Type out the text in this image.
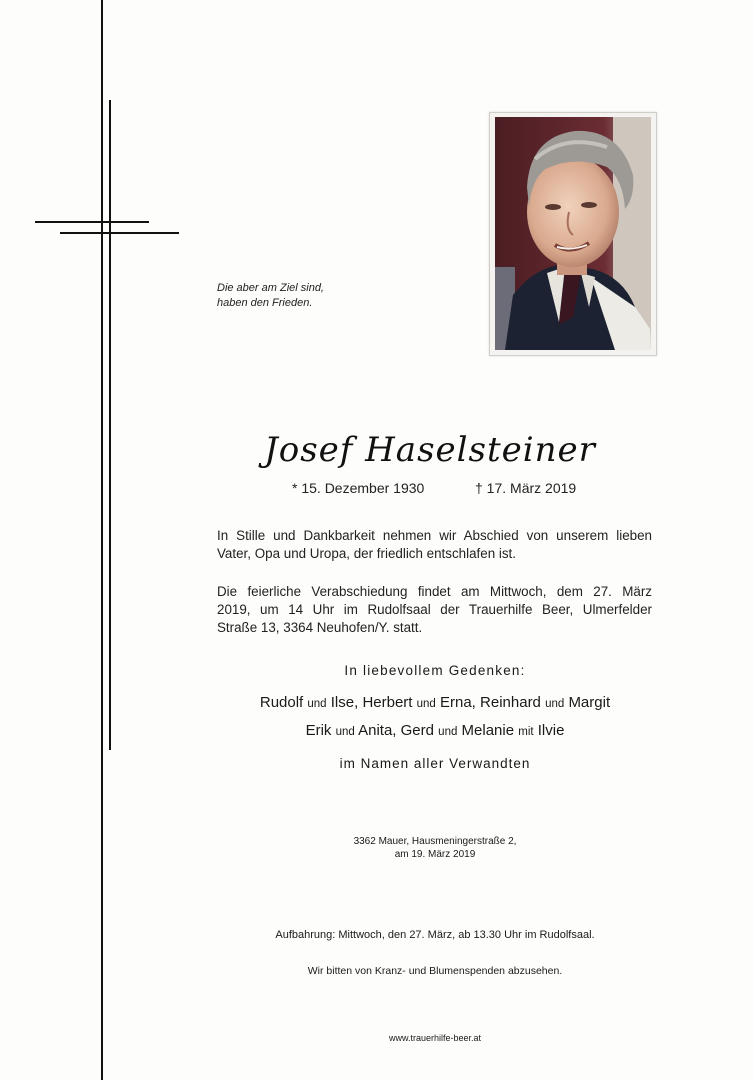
Die aber am Ziel sind,
haben den Frieden.
Josef Haselsteiner
* 15. Dezember 1930	† 17. März 2019
In Stille und Dankbarkeit nehmen wir Abschied von unserem lieben
Vater, Opa und Uropa, der friedlich entschlafen ist.
Die feierliche Verabschiedung findet am Mittwoch, dem 27. März
2019, um 14 Uhr im Rudolfsaal der Trauerhilfe Beer, Ulmerfelder
Straße 13, 3364 Neuhofen/Y. statt.
In liebevollem Gedenken:
Rudolf und Ilse, Herbert und Erna, Reinhard und Margit
Erik und Anita, Gerd und Melanie mit Ilvie
im Namen aller Verwandten
3362 Mauer, Hausmeningerstraße 2,
am 19. März 2019
Aufbahrung: Mittwoch, den 27. März, ab 13.30 Uhr im Rudolfsaal.
Wir bitten von Kranz- und Blumenspenden abzusehen.
www.trauerhilfe-beer.at
